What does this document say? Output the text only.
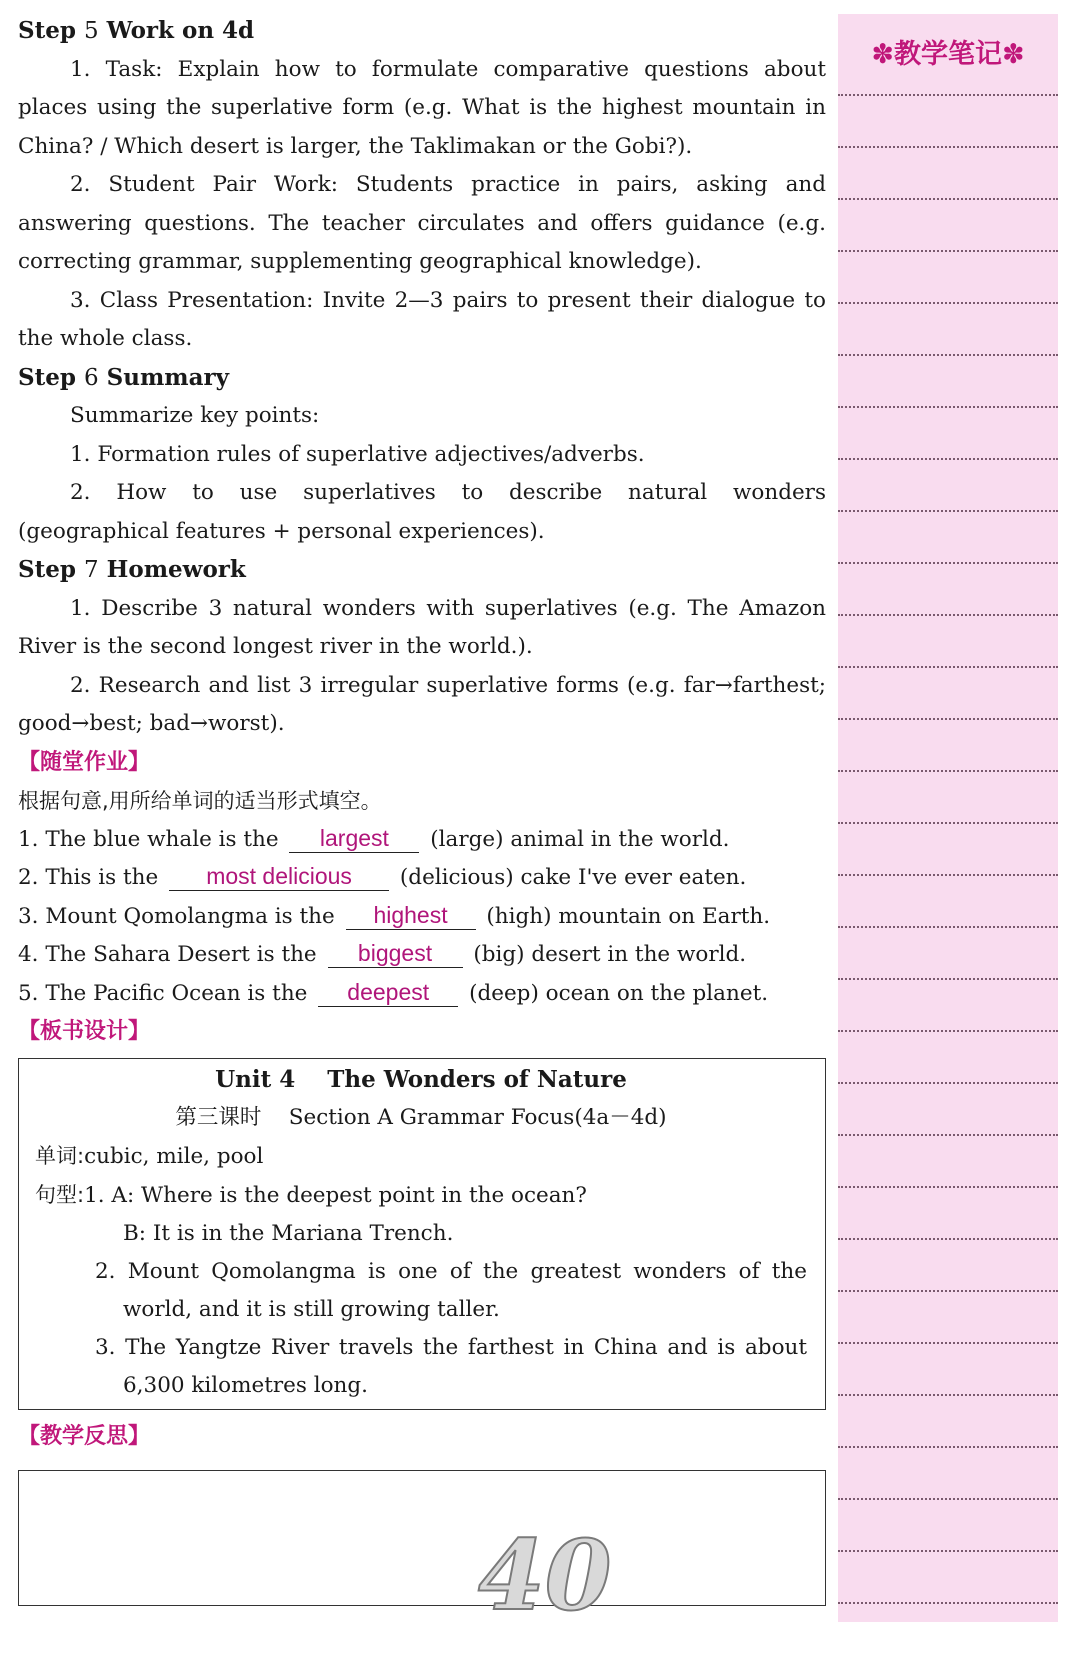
Step 5 Work on 4d
1. Task: Explain how to formulate comparative questions about places using the superlative form (e.g. What is the highest mountain in China? / Which desert is larger, the Taklimakan or the Gobi?).
2. Student Pair Work: Students practice in pairs, asking and answering questions. The teacher circulates and offers guidance (e.g. correcting grammar, supplementing geographical knowledge).
3. Class Presentation: Invite 2—3 pairs to present their dialogue to the whole class.
Step 6 Summary
Summarize key points:
1. Formation rules of superlative adjectives/adverbs.
2. How to use superlatives to describe natural wonders (geographical features + personal experiences).
Step 7 Homework
1. Describe 3 natural wonders with superlatives (e.g. The Amazon River is the second longest river in the world.).
2. Research and list 3 irregular superlative forms (e.g. far→farthest; good→best; bad→worst).
【随堂作业】
根据句意,用所给单词的适当形式填空。
1. The blue whale is the largest (large) animal in the world.
2. This is the most delicious (delicious) cake I've ever eaten.
3. Mount Qomolangma is the highest (high) mountain on Earth.
4. The Sahara Desert is the biggest (big) desert in the world.
5. The Pacific Ocean is the deepest (deep) ocean on the planet.
【板书设计】
Unit 4    The Wonders of Nature
第三课时    Section A Grammar Focus(4a－4d)
单词:cubic, mile, pool
句型:1. A: Where is the deepest point in the ocean?
B: It is in the Mariana Trench.
2. Mount Qomolangma is one of the greatest wonders of the world, and it is still growing taller.
3. The Yangtze River travels the farthest in China and is about 6,300 kilometres long.
【教学反思】
40
✽教学笔记✽
